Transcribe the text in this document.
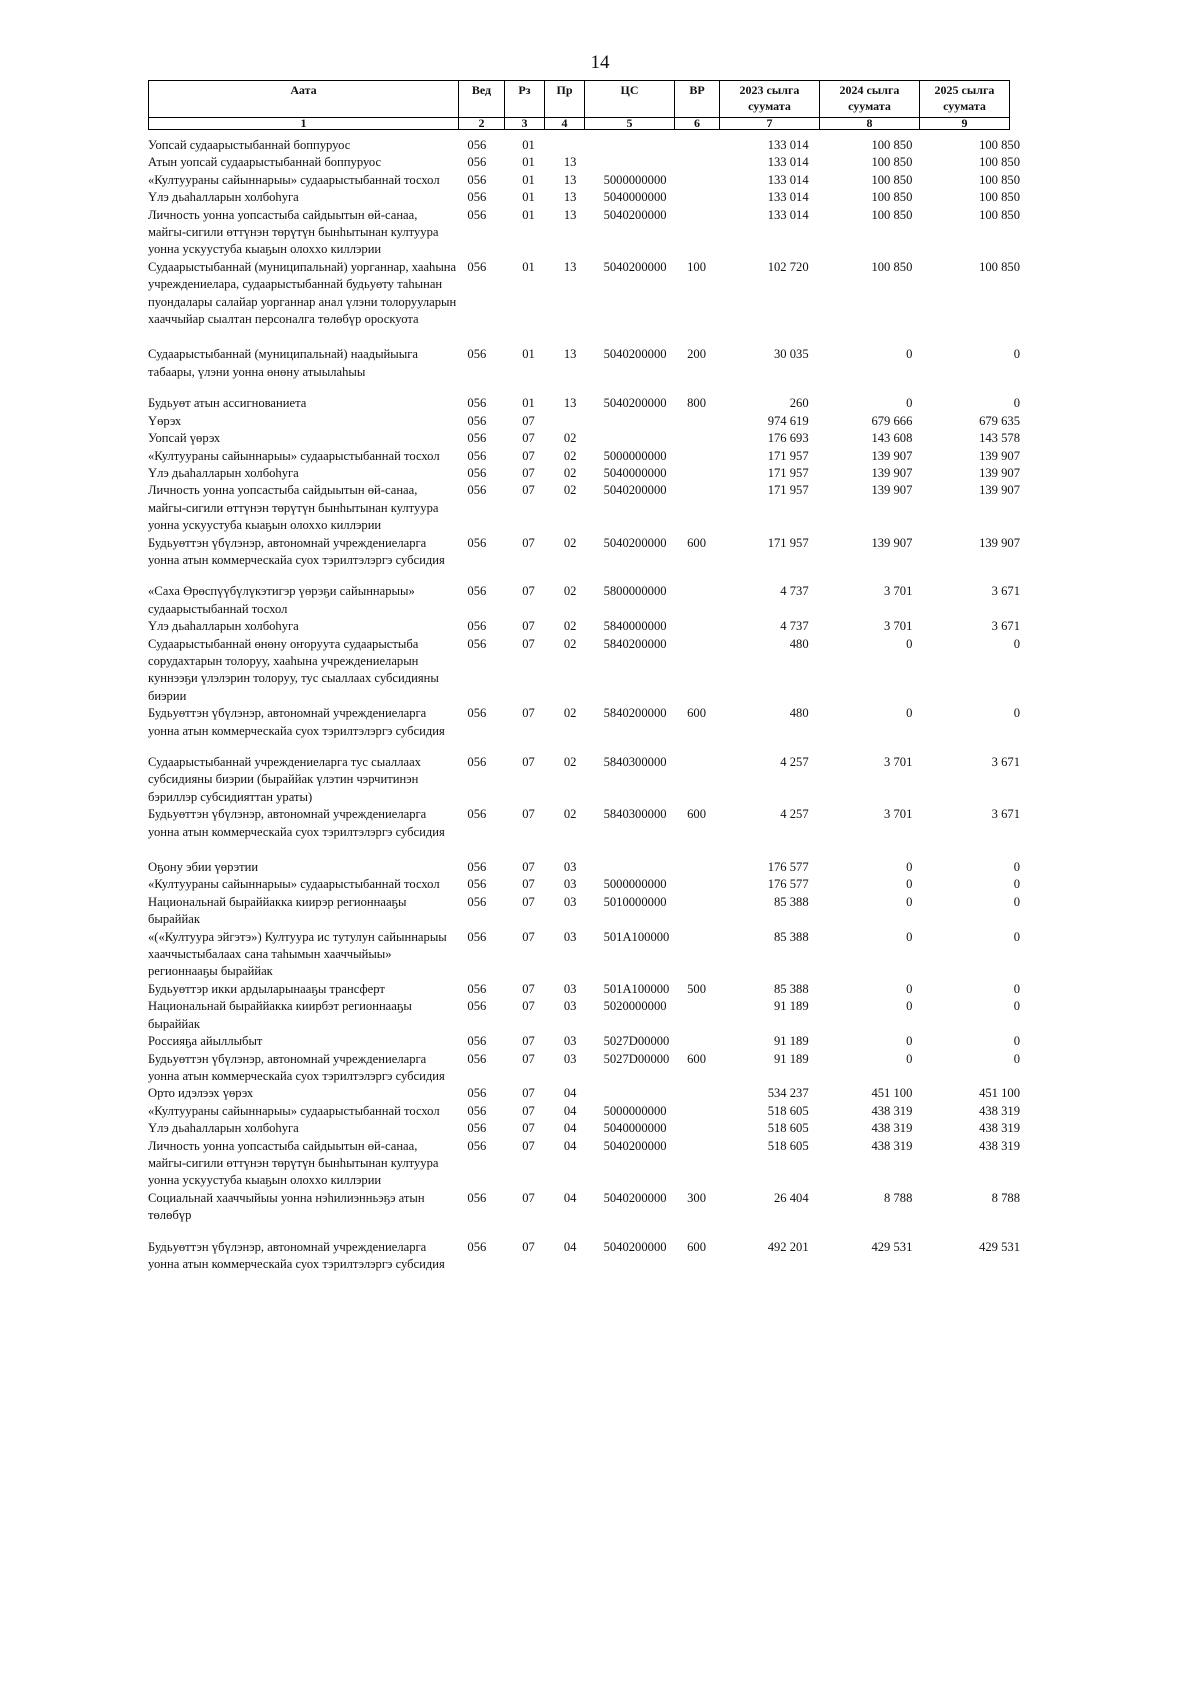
14
Аата	Вед	Рз	Пр	ЦС	ВР	2023 сылга суумата	2024 сылга суумата	2025 сылга суумата
1	2	3	4	5	6	7	8	9
Уопсай судаарыстыбаннай боппуруос	056	01				133 014	100 850	100 850
Атын уопсай судаарыстыбаннай боппуруос	056	01	13			133 014	100 850	100 850
«Култуураны сайыннарыы» судаарыстыбаннай тосхол	056	01	13	5000000000		133 014	100 850	100 850
Үлэ дьаһалларын холбоһуга	056	01	13	5040000000		133 014	100 850	100 850
Личность уонна уопсастыба сайдыытын өй-санаа, майгы-сигили өттүнэн төрүтүн бынһытынан култуура уонна ускуустуба кыаҕын олохxo киллэрии	056	01	13	5040200000		133 014	100 850	100 850
Судаарыстыбаннай (муниципальнай) уорганнар, хааһына учреждениелара, судаарыстыбаннай будьуөту таһынан пуондалары салайар уорганнар анал үлэни толорууларын хааччыйар сыалтан персоналга төлөбүр ороскуота	056	01	13	5040200000	100	102 720	100 850	100 850
Судаарыстыбаннай (муниципальнай) наадыйыыга табаары, үлэни уонна өнөну атыылаһыы	056	01	13	5040200000	200	30 035	0	0
Будьуөт атын ассигнованиета	056	01	13	5040200000	800	260	0	0
Үөрэх	056	07				974 619	679 666	679 635
Уопсай үөрэх	056	07	02			176 693	143 608	143 578
«Култуураны сайыннарыы» судаарыстыбаннай тосхол	056	07	02	5000000000		171 957	139 907	139 907
Үлэ дьаһалларын холбоһуга	056	07	02	5040000000		171 957	139 907	139 907
Личность уонна уопсастыба сайдыытын өй-санаа, майгы-сигили өттүнэн төрүтүн бынһытынан култуура уонна ускуустуба кыаҕын олохxo киллэрии	056	07	02	5040200000		171 957	139 907	139 907
Будьуөттэн үбүлэнэр, автономнай учреждениеларга уонна атын коммерческайа суох тэрилтэлэргэ субсидия	056	07	02	5040200000	600	171 957	139 907	139 907
«Саха Өрөспүүбүлүкэтигэр үөрэҕи сайыннарыы» судаарыстыбаннай тосхол	056	07	02	5800000000		4 737	3 701	3 671
Үлэ дьаһалларын холбоһуга	056	07	02	5840000000		4 737	3 701	3 671
Судаарыстыбаннай өнөну оҥоруута судаарыстыба сорудахтарын толоруу, хааһына учреждениеларын куннээҕи үлэлэрин толоруу, тус сыаллаах субсидияны биэрии	056	07	02	5840200000		480	0	0
Будьуөттэн үбүлэнэр, автономнай учреждениеларга уонна атын коммерческайа суох тэрилтэлэргэ субсидия	056	07	02	5840200000	600	480	0	0
Судаарыстыбаннай учреждениеларга тус сыаллаах субсидияны биэрии (быраййак үлэтин чэрчитинэн бэриллэр субсидияттан ураты)	056	07	02	5840300000		4 257	3 701	3 671
Будьуөттэн үбүлэнэр, автономнай учреждениеларга уонна атын коммерческайа суох тэрилтэлэргэ субсидия	056	07	02	5840300000	600	4 257	3 701	3 671
Оҕону эбии үөрэтии	056	07	03			176 577	0	0
«Култуураны сайыннарыы» судаарыстыбаннай тосхол	056	07	03	5000000000		176 577	0	0
Национальнай быраййакка киирэр регионнааҕы быраййак	056	07	03	5010000000		85 388	0	0
«(«Култуура эйгэтэ») Култуура ис тутулун сайыннарыы хааччыстыбалаах сана таһымын хааччыйыы» регионнааҕы быраййак	056	07	03	501А100000		85 388	0	0
Будьуөттэр икки ардыларынааҕы трансферт	056	07	03	501А100000	500	85 388	0	0
Национальнай быраййакка киирбэт регионнааҕы быраййак	056	07	03	5020000000		91 189	0	0
Россияҕа айыллыбыт	056	07	03	5027D00000		91 189	0	0
Будьуөттэн үбүлэнэр, автономнай учреждениеларга уонна атын коммерческайа суох тэрилтэлэргэ субсидия	056	07	03	5027D00000	600	91 189	0	0
Орто идэлээх үөрэх	056	07	04			534 237	451 100	451 100
«Култуураны сайыннарыы» судаарыстыбаннай тосхол	056	07	04	5000000000		518 605	438 319	438 319
Үлэ дьаһалларын холбоһуга	056	07	04	5040000000		518 605	438 319	438 319
Личность уонна уопсастыба сайдыытын өй-санаа, майгы-сигили өттүнэн төрүтүн бынһытынан култуура уонна ускуустуба кыаҕын олохxo киллэрии	056	07	04	5040200000		518 605	438 319	438 319
Социальнай хааччыйыы уонна нэһилиэнньэҕэ атын төлөбүр	056	07	04	5040200000	300	26 404	8 788	8 788
Будьуөттэн үбүлэнэр, автономнай учреждениеларга уонна атын коммерческайа суох тэрилтэлэргэ субсидия	056	07	04	5040200000	600	492 201	429 531	429 531
